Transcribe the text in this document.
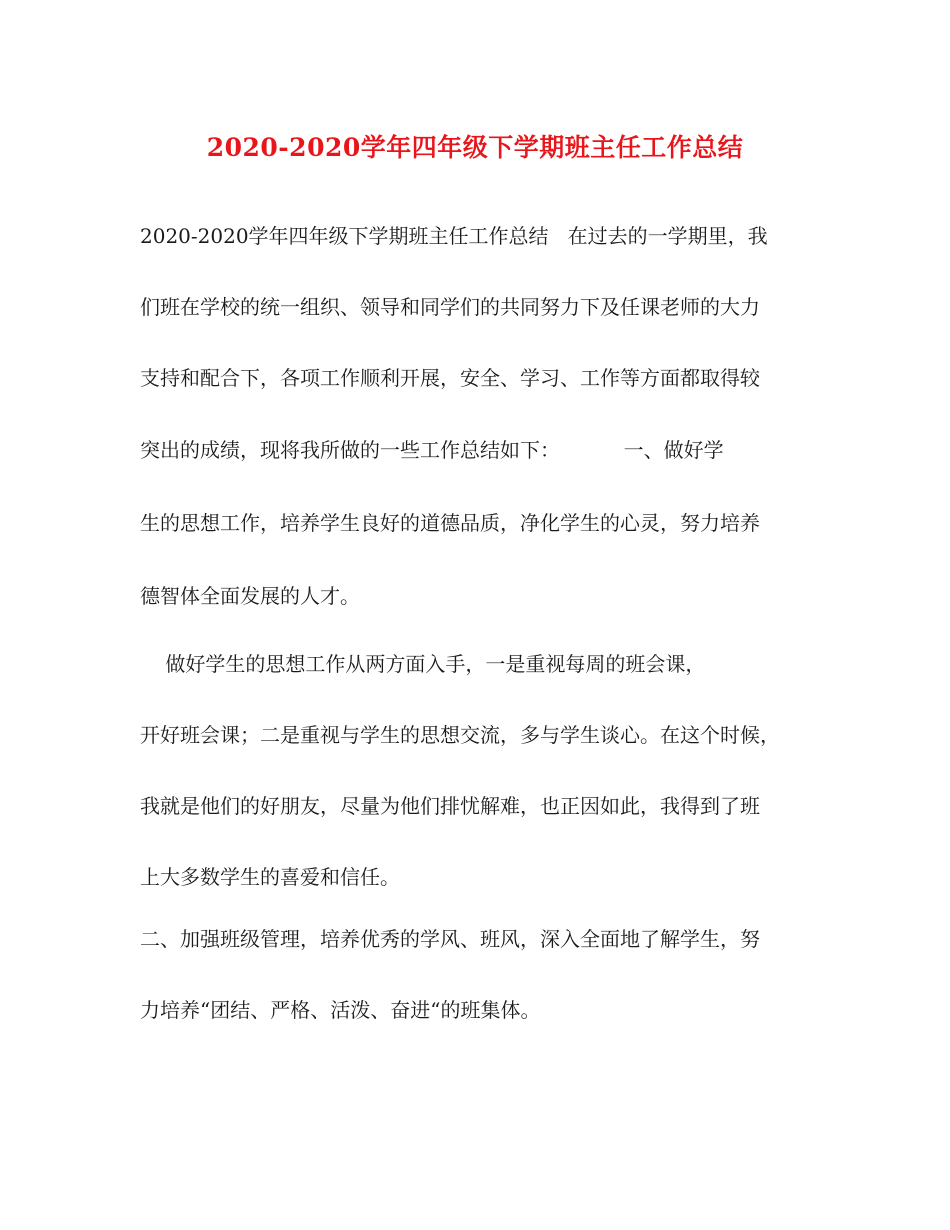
2020-2020学年四年级下学期班主任工作总结

2020-2020学年四年级下学期班主任工作总结   在过去的一学期里，我

们班在学校的统一组织、领导和同学们的共同努力下及任课老师的大力

支持和配合下，各项工作顺利开展，安全、学习、工作等方面都取得较

突出的成绩，现将我所做的一些工作总结如下：          一、做好学

生的思想工作，培养学生良好的道德品质，净化学生的心灵，努力培养

德智体全面发展的人才。

做好学生的思想工作从两方面入手，一是重视每周的班会课，

开好班会课；二是重视与学生的思想交流，多与学生谈心。在这个时候，

我就是他们的好朋友，尽量为他们排忧解难，也正因如此，我得到了班

上大多数学生的喜爱和信任。

二、加强班级管理，培养优秀的学风、班风，深入全面地了解学生，努

力培养“团结、严格、活泼、奋进“的班集体。
